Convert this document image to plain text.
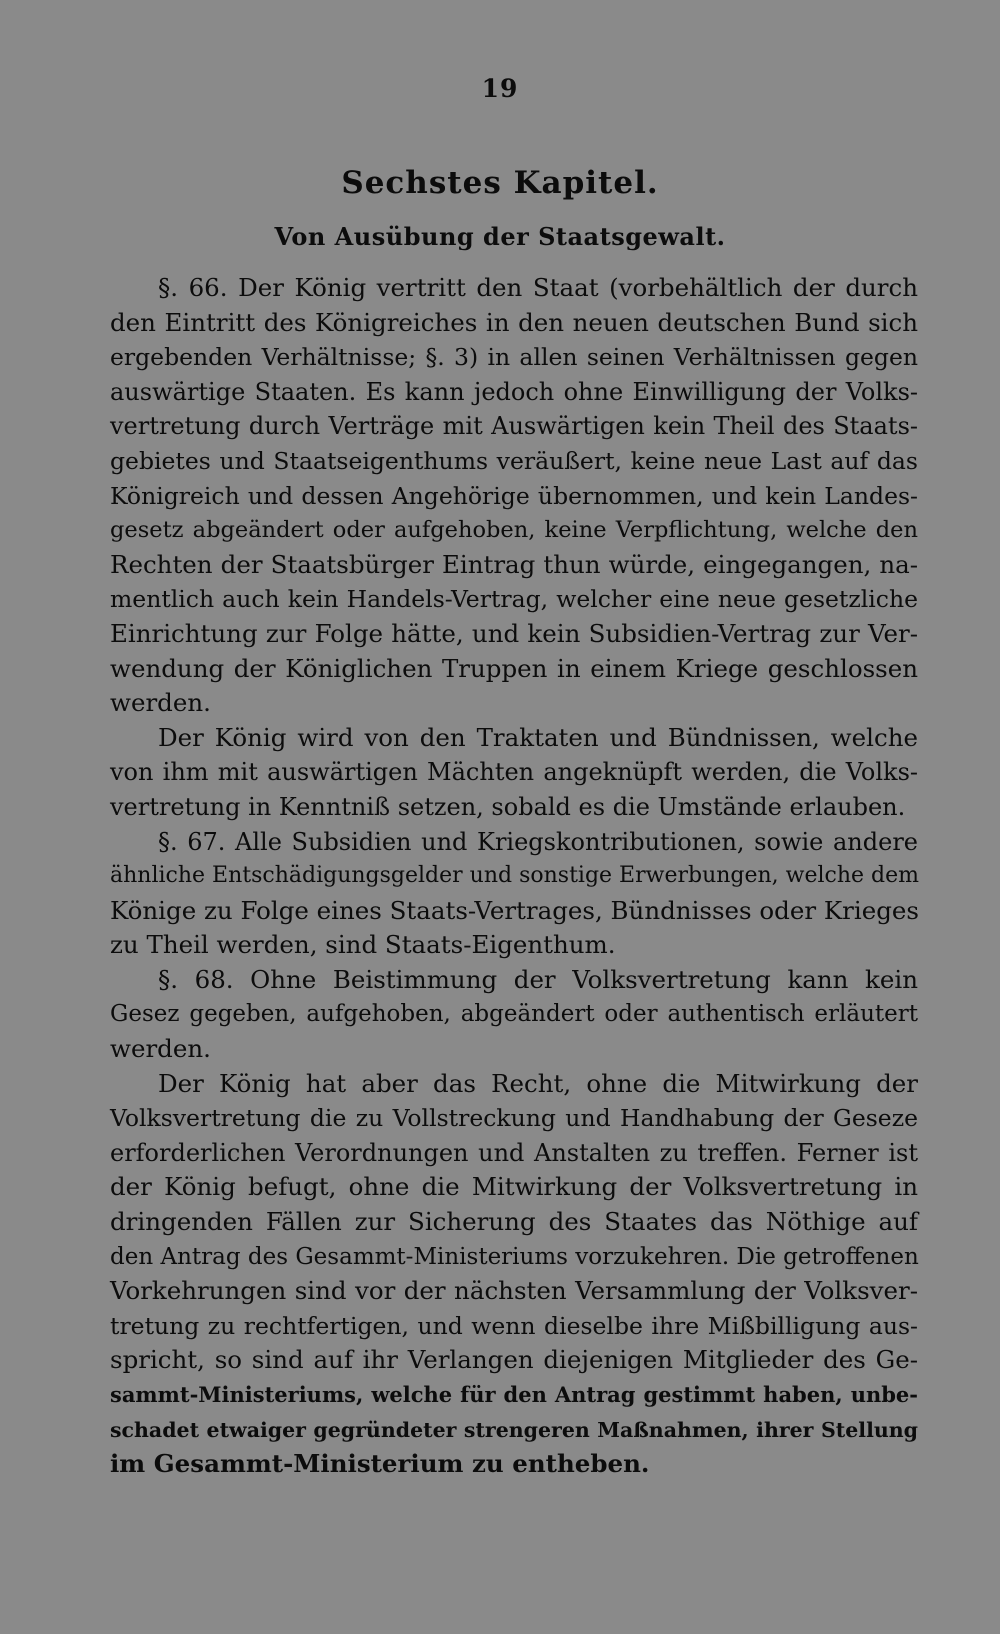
19
Sechstes Kapitel.
Von Ausübung der Staatsgewalt.
§. 66. Der König vertritt den Staat (vorbehältlich der durch
den Eintritt des Königreiches in den neuen deutschen Bund sich
ergebenden Verhältnisse; §. 3) in allen seinen Verhältnissen gegen
auswärtige Staaten. Es kann jedoch ohne Einwilligung der Volks-
vertretung durch Verträge mit Auswärtigen kein Theil des Staats-
gebietes und Staatseigenthums veräußert, keine neue Last auf das
Königreich und dessen Angehörige übernommen, und kein Landes-
gesetz abgeändert oder aufgehoben, keine Verpflichtung, welche den
Rechten der Staatsbürger Eintrag thun würde, eingegangen, na-
mentlich auch kein Handels-Vertrag, welcher eine neue gesetzliche
Einrichtung zur Folge hätte, und kein Subsidien-Vertrag zur Ver-
wendung der Königlichen Truppen in einem Kriege geschlossen
werden.
Der König wird von den Traktaten und Bündnissen, welche
von ihm mit auswärtigen Mächten angeknüpft werden, die Volks-
vertretung in Kenntniß setzen, sobald es die Umstände erlauben.
§. 67. Alle Subsidien und Kriegskontributionen, sowie andere
ähnliche Entschädigungsgelder und sonstige Erwerbungen, welche dem
Könige zu Folge eines Staats-Vertrages, Bündnisses oder Krieges
zu Theil werden, sind Staats-Eigenthum.
§. 68. Ohne Beistimmung der Volksvertretung kann kein
Gesez gegeben, aufgehoben, abgeändert oder authentisch erläutert
werden.
Der König hat aber das Recht, ohne die Mitwirkung der
Volksvertretung die zu Vollstreckung und Handhabung der Geseze
erforderlichen Verordnungen und Anstalten zu treffen. Ferner ist
der König befugt, ohne die Mitwirkung der Volksvertretung in
dringenden Fällen zur Sicherung des Staates das Nöthige auf
den Antrag des Gesammt-Ministeriums vorzukehren. Die getroffenen
Vorkehrungen sind vor der nächsten Versammlung der Volksver-
tretung zu rechtfertigen, und wenn dieselbe ihre Mißbilligung aus-
spricht, so sind auf ihr Verlangen diejenigen Mitglieder des Ge-
sammt-Ministeriums, welche für den Antrag gestimmt haben, unbe-
schadet etwaiger gegründeter strengeren Maßnahmen, ihrer Stellung
im Gesammt-Ministerium zu entheben.
